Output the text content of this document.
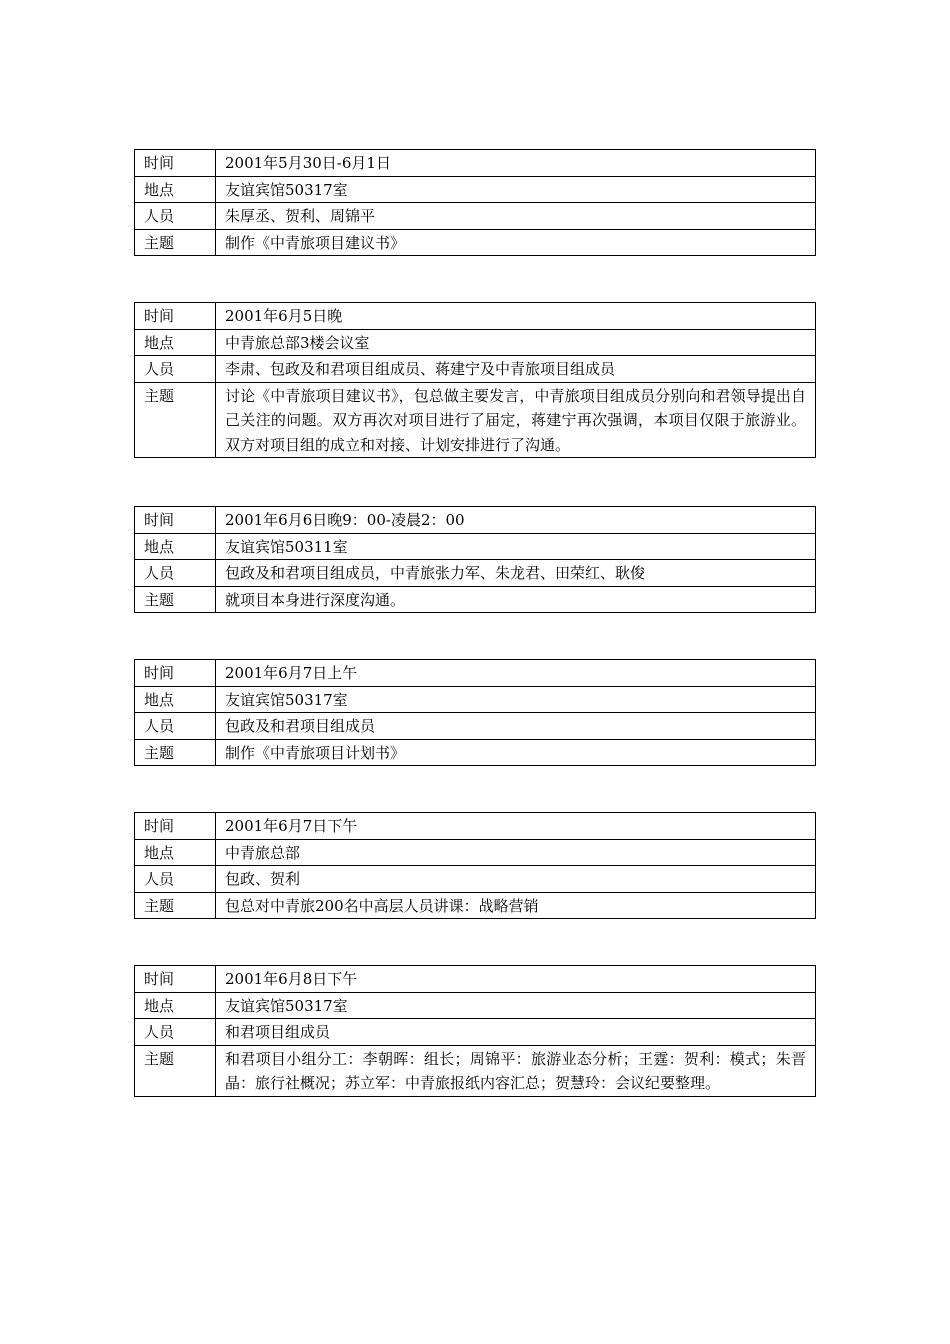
时间	2001年5月30日-6月1日
地点	友谊宾馆50317室
人员	朱厚丞、贺利、周锦平
主题	制作《中青旅项目建议书》
时间	2001年6月5日晚
地点	中青旅总部3楼会议室
人员	李肃、包政及和君项目组成员、蒋建宁及中青旅项目组成员
主题	讨论《中青旅项目建议书》，包总做主要发言，中青旅项目组成员分别向和君领导提出自己关注的问题。双方再次对项目进行了届定，蒋建宁再次强调，本项目仅限于旅游业。双方对项目组的成立和对接、计划安排进行了沟通。
时间	2001年6月6日晚9：00-凌晨2：00
地点	友谊宾馆50311室
人员	包政及和君项目组成员，中青旅张力军、朱龙君、田荣红、耿俊
主题	就项目本身进行深度沟通。
时间	2001年6月7日上午
地点	友谊宾馆50317室
人员	包政及和君项目组成员
主题	制作《中青旅项目计划书》
时间	2001年6月7日下午
地点	中青旅总部
人员	包政、贺利
主题	包总对中青旅200名中高层人员讲课：战略营销
时间	2001年6月8日下午
地点	友谊宾馆50317室
人员	和君项目组成员
主题	和君项目小组分工：李朝晖：组长；周锦平：旅游业态分析；王霆：贺利：模式；朱晋晶：旅行社概况；苏立军：中青旅报纸内容汇总；贺慧玲：会议纪要整理。
